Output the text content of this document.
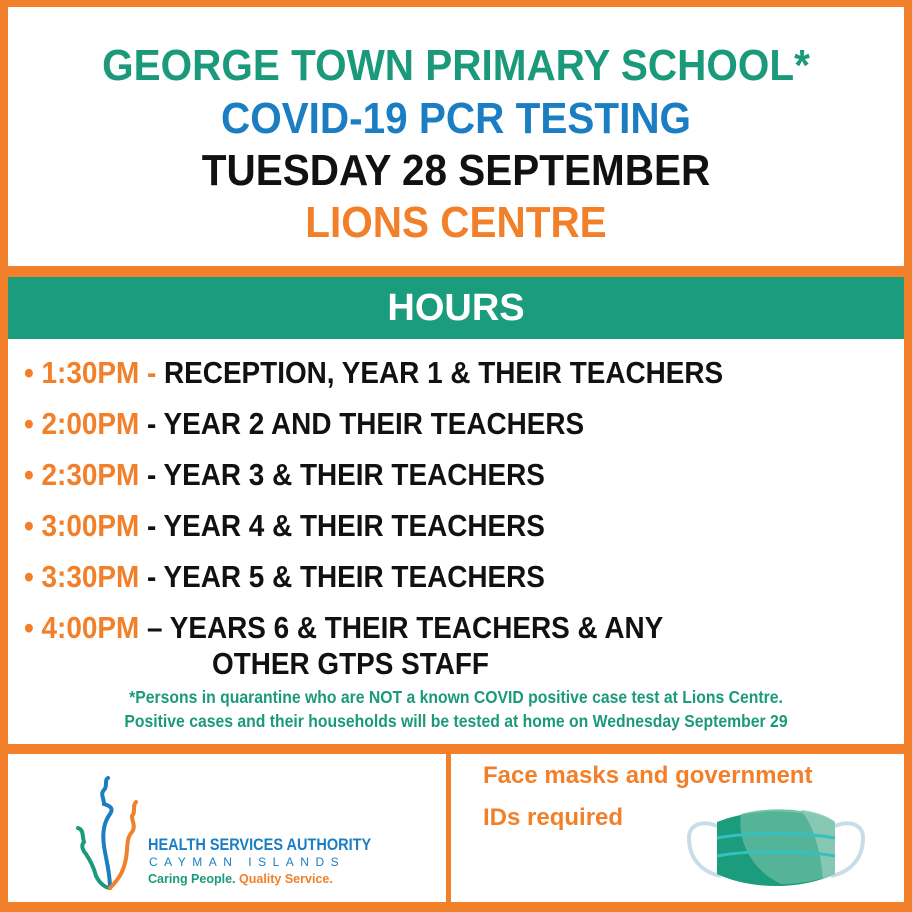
GEORGE TOWN PRIMARY SCHOOL*
COVID-19 PCR TESTING
TUESDAY 28 SEPTEMBER
LIONS CENTRE
HOURS
• 1:30PM - RECEPTION, YEAR 1 & THEIR TEACHERS
• 2:00PM - YEAR 2 AND THEIR TEACHERS
• 2:30PM - YEAR 3 & THEIR TEACHERS
• 3:00PM - YEAR 4 & THEIR TEACHERS
• 3:30PM - YEAR 5 & THEIR TEACHERS
• 4:00PM – YEARS 6 & THEIR TEACHERS & ANY
OTHER GTPS STAFF
*Persons in quarantine who are NOT a known COVID positive case test at Lions Centre.
Positive cases and their households will be tested at home on Wednesday September 29
HEALTH SERVICES AUTHORITY
CAYMAN ISLANDS
Caring People. Quality Service.
Face masks and government
IDs required
